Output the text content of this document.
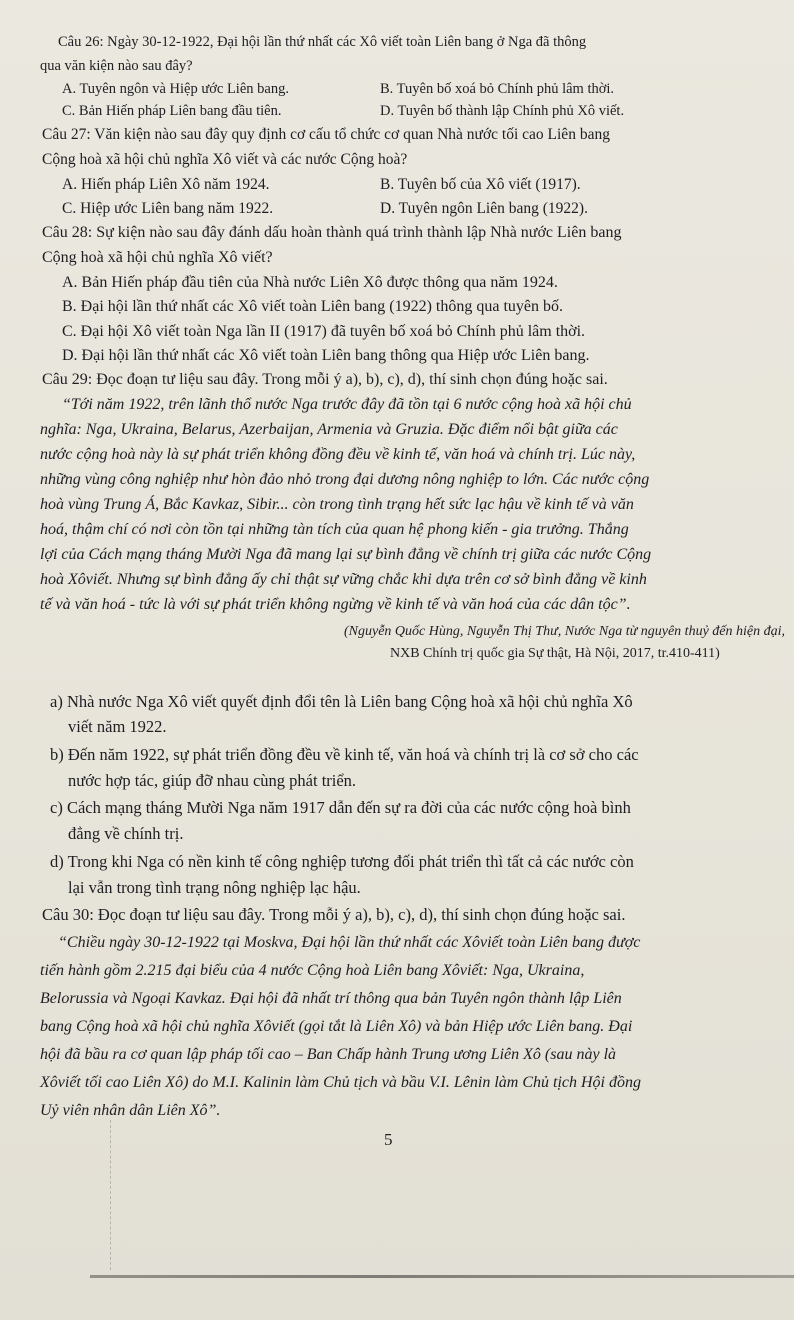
Câu 26: Ngày 30-12-1922, Đại hội lần thứ nhất các Xô viết toàn Liên bang ở Nga đã thông
qua văn kiện nào sau đây?
A. Tuyên ngôn và Hiệp ước Liên bang.	B. Tuyên bố xoá bỏ Chính phủ lâm thời.
C. Bản Hiến pháp Liên bang đầu tiên.	D. Tuyên bố thành lập Chính phủ Xô viết.
Câu 27: Văn kiện nào sau đây quy định cơ cấu tổ chức cơ quan Nhà nước tối cao Liên bang
Cộng hoà xã hội chủ nghĩa Xô viết và các nước Cộng hoà?
A. Hiến pháp Liên Xô năm 1924.	B. Tuyên bố của Xô viết (1917).
C. Hiệp ước Liên bang năm 1922.	D. Tuyên ngôn Liên bang (1922).
Câu 28: Sự kiện nào sau đây đánh dấu hoàn thành quá trình thành lập Nhà nước Liên bang
Cộng hoà xã hội chủ nghĩa Xô viết?
A. Bản Hiến pháp đầu tiên của Nhà nước Liên Xô được thông qua năm 1924.
B. Đại hội lần thứ nhất các Xô viết toàn Liên bang (1922) thông qua tuyên bố.
C. Đại hội Xô viết toàn Nga lần II (1917) đã tuyên bố xoá bỏ Chính phủ lâm thời.
D. Đại hội lần thứ nhất các Xô viết toàn Liên bang thông qua Hiệp ước Liên bang.
Câu 29: Đọc đoạn tư liệu sau đây. Trong mỗi ý a), b), c), d), thí sinh chọn đúng hoặc sai.
“Tới năm 1922, trên lãnh thổ nước Nga trước đây đã tồn tại 6 nước cộng hoà xã hội chủ
nghĩa: Nga, Ukraina, Belarus, Azerbaijan, Armenia và Gruzia. Đặc điểm nổi bật giữa các
nước cộng hoà này là sự phát triển không đồng đều về kinh tế, văn hoá và chính trị. Lúc này,
những vùng công nghiệp như hòn đảo nhỏ trong đại dương nông nghiệp to lớn. Các nước cộng
hoà vùng Trung Á, Bắc Kavkaz, Sibir... còn trong tình trạng hết sức lạc hậu về kinh tế và văn
hoá, thậm chí có nơi còn tồn tại những tàn tích của quan hệ phong kiến - gia trưởng. Thắng
lợi của Cách mạng tháng Mười Nga đã mang lại sự bình đẳng về chính trị giữa các nước Cộng
hoà Xôviết. Nhưng sự bình đẳng ấy chỉ thật sự vững chắc khi dựa trên cơ sở bình đẳng về kinh
tế và văn hoá - tức là với sự phát triển không ngừng về kinh tế và văn hoá của các dân tộc”.
(Nguyễn Quốc Hùng, Nguyễn Thị Thư, Nước Nga từ nguyên thuỷ đến hiện đại,
NXB Chính trị quốc gia Sự thật, Hà Nội, 2017, tr.410-411)
a) Nhà nước Nga Xô viết quyết định đổi tên là Liên bang Cộng hoà xã hội chủ nghĩa Xô
viết năm 1922.
b) Đến năm 1922, sự phát triển đồng đều về kinh tế, văn hoá và chính trị là cơ sở cho các
nước hợp tác, giúp đỡ nhau cùng phát triển.
c) Cách mạng tháng Mười Nga năm 1917 dẫn đến sự ra đời của các nước cộng hoà bình
đẳng về chính trị.
d) Trong khi Nga có nền kinh tế công nghiệp tương đối phát triển thì tất cả các nước còn
lại vẫn trong tình trạng nông nghiệp lạc hậu.
Câu 30: Đọc đoạn tư liệu sau đây. Trong mỗi ý a), b), c), d), thí sinh chọn đúng hoặc sai.
“Chiều ngày 30-12-1922 tại Moskva, Đại hội lần thứ nhất các Xôviết toàn Liên bang được
tiến hành gồm 2.215 đại biểu của 4 nước Cộng hoà Liên bang Xôviết: Nga, Ukraina,
Belorussia và Ngoại Kavkaz. Đại hội đã nhất trí thông qua bản Tuyên ngôn thành lập Liên
bang Cộng hoà xã hội chủ nghĩa Xôviết (gọi tắt là Liên Xô) và bản Hiệp ước Liên bang. Đại
hội đã bầu ra cơ quan lập pháp tối cao – Ban Chấp hành Trung ương Liên Xô (sau này là
Xôviết tối cao Liên Xô) do M.I. Kalinin làm Chủ tịch và bầu V.I. Lênin làm Chủ tịch Hội đồng
Uỷ viên nhân dân Liên Xô”.
5
